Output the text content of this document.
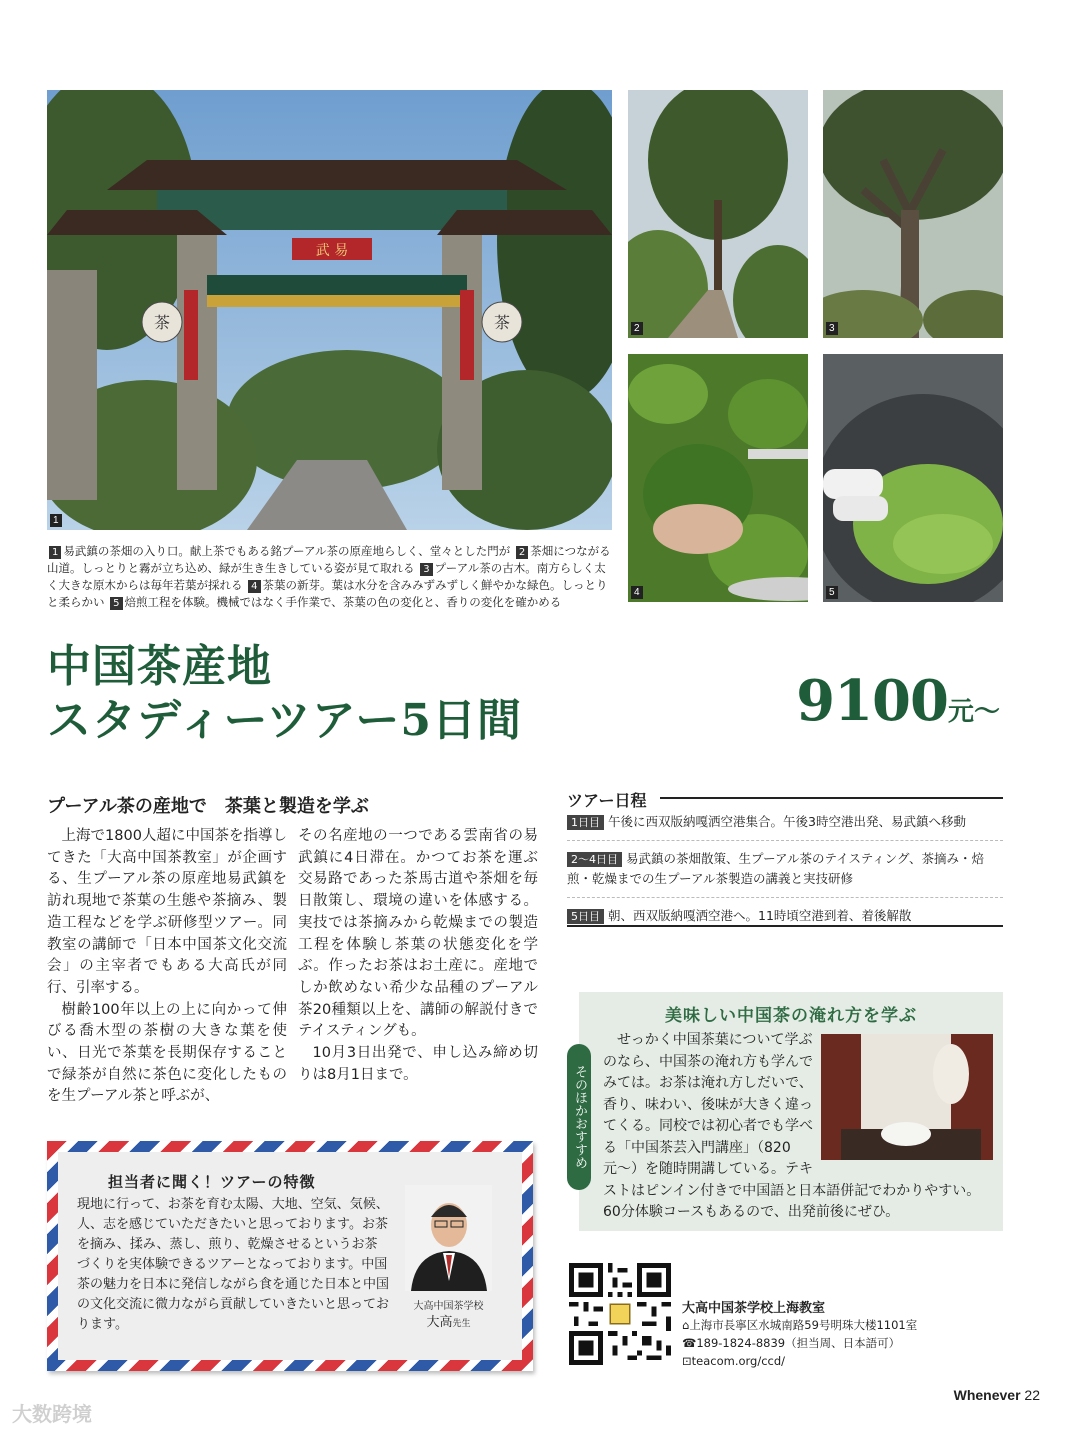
武 易
茶	茶
1
2	3
4	5
1 易武鎮の茶畑の入り口。献上茶でもある銘プーアル茶の原産地らしく、堂々とした門が 2 茶畑につながる山道。しっとりと霧が立ち込め、緑が生き生きしている姿が見て取れる 3 プーアル茶の古木。南方らしく太く大きな原木からは毎年若葉が採れる 4 茶葉の新芽。葉は水分を含みみずみずしく鮮やかな緑色。しっとりと柔らかい 5 焙煎工程を体験。機械ではなく手作業で、茶葉の色の変化と、香りの変化を確かめる
中国茶産地
スタディーツアー5日間	9100元〜
プーアル茶の産地で　茶葉と製造を学ぶ

上海で1800人超に中国茶を指導してきた「大高中国茶教室」が企画する、生プーアル茶の原産地易武鎮を訪れ現地で茶葉の生態や茶摘み、製造工程などを学ぶ研修型ツアー。同教室の講師で「日本中国茶文化交流会」の主宰者でもある大高氏が同行、引率する。

樹齢100年以上の上に向かって伸びる喬木型の茶樹の大きな葉を使い、日光で茶葉を長期保存することで緑茶が自然に茶色に変化したものを生プーアル茶と呼ぶが、

その名産地の一つである雲南省の易武鎮に4日滞在。かつてお茶を運ぶ交易路であった茶馬古道や茶畑を毎日散策し、環境の違いを体感する。実技では茶摘みから乾燥までの製造工程を体験し茶葉の状態変化を学ぶ。作ったお茶はお土産に。産地でしか飲めない希少な品種のプーアル茶20種類以上を、講師の解説付きでテイスティングも。

10月3日出発で、申し込み締め切りは8月1日まで。

ツアー日程
1日目 午後に西双版納嘎洒空港集合。午後3時空港出発、易武鎮へ移動
2〜4日目 易武鎮の茶畑散策、生プーアル茶のテイスティング、茶摘み・焙煎・乾燥までの生プーアル茶製造の講義と実技研修
5日目 朝、西双版納嘎洒空港へ。11時頃空港到着、着後解散
美味しい中国茶の淹れ方を学ぶ
そのほかおすすめ
せっかく中国茶葉について学ぶのなら、中国茶の淹れ方も学んでみては。お茶は淹れ方しだいで、香り、味わい、後味が大きく違ってくる。同校では初心者でも学べる「中国茶芸入門講座」（820元〜）を随時開講している。テキストはピンイン付きで中国語と日本語併記でわかりやすい。60分体験コースもあるので、出発前後にぜひ。
担当者に聞く！ツアーの特徴
現地に行って、お茶を育む太陽、大地、空気、気候、人、志を感じていただきたいと思っております。お茶を摘み、揉み、蒸し、煎り、乾燥させるというお茶づくりを実体験できるツアーとなっております。中国茶の魅力を日本に発信しながら食を通じた日本と中国の文化交流に微力ながら貢献していきたいと思っております。
大高中国茶学校
大高先生
大高中国茶学校上海教室
⌂上海市長寧区水城南路59号明珠大楼1101室
☎189-1824-8839（担当周、日本語可）
⊡teacom.org/ccd/
Whenever 22
大数跨境
